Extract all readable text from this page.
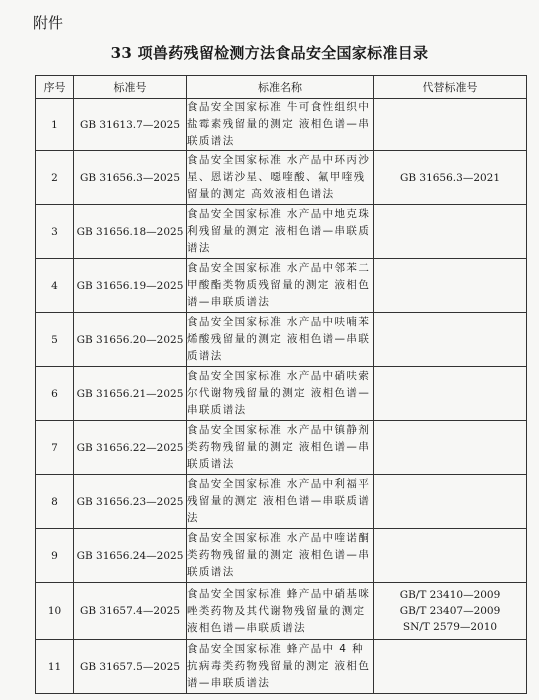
附件
33 项兽药残留检测方法食品安全国家标准目录
序号	标准号	标准名称	代替标准号
1	GB 31613.7—2025	食品安全国家标准 牛可食性组织中盐霉素残留量的测定 液相色谱—串联质谱法	
2	GB 31656.3—2025	食品安全国家标准 水产品中环丙沙星、恩诺沙星、噁喹酸、氟甲喹残留量的测定 高效液相色谱法	GB 31656.3—2021
3	GB 31656.18—2025	食品安全国家标准 水产品中地克珠利残留量的测定 液相色谱—串联质谱法	
4	GB 31656.19—2025	食品安全国家标准 水产品中邻苯二甲酸酯类物质残留量的测定 液相色谱—串联质谱法	
5	GB 31656.20—2025	食品安全国家标准 水产品中呋喃苯烯酸残留量的测定 液相色谱—串联质谱法	
6	GB 31656.21—2025	食品安全国家标准 水产品中硝呋索尔代谢物残留量的测定 液相色谱—串联质谱法	
7	GB 31656.22—2025	食品安全国家标准 水产品中镇静剂类药物残留量的测定 液相色谱—串联质谱法	
8	GB 31656.23—2025	食品安全国家标准 水产品中利福平残留量的测定 液相色谱—串联质谱法	
9	GB 31656.24—2025	食品安全国家标准 水产品中喹诺酮类药物残留量的测定 液相色谱—串联质谱法	
10	GB 31657.4—2025	食品安全国家标准 蜂产品中硝基咪唑类药物及其代谢物残留量的测定 液相色谱—串联质谱法	GB/T 23410—2009
GB/T 23407—2009
SN/T 2579—2010
11	GB 31657.5—2025	食品安全国家标准 蜂产品中 4 种抗病毒类药物残留量的测定 液相色谱—串联质谱法	
